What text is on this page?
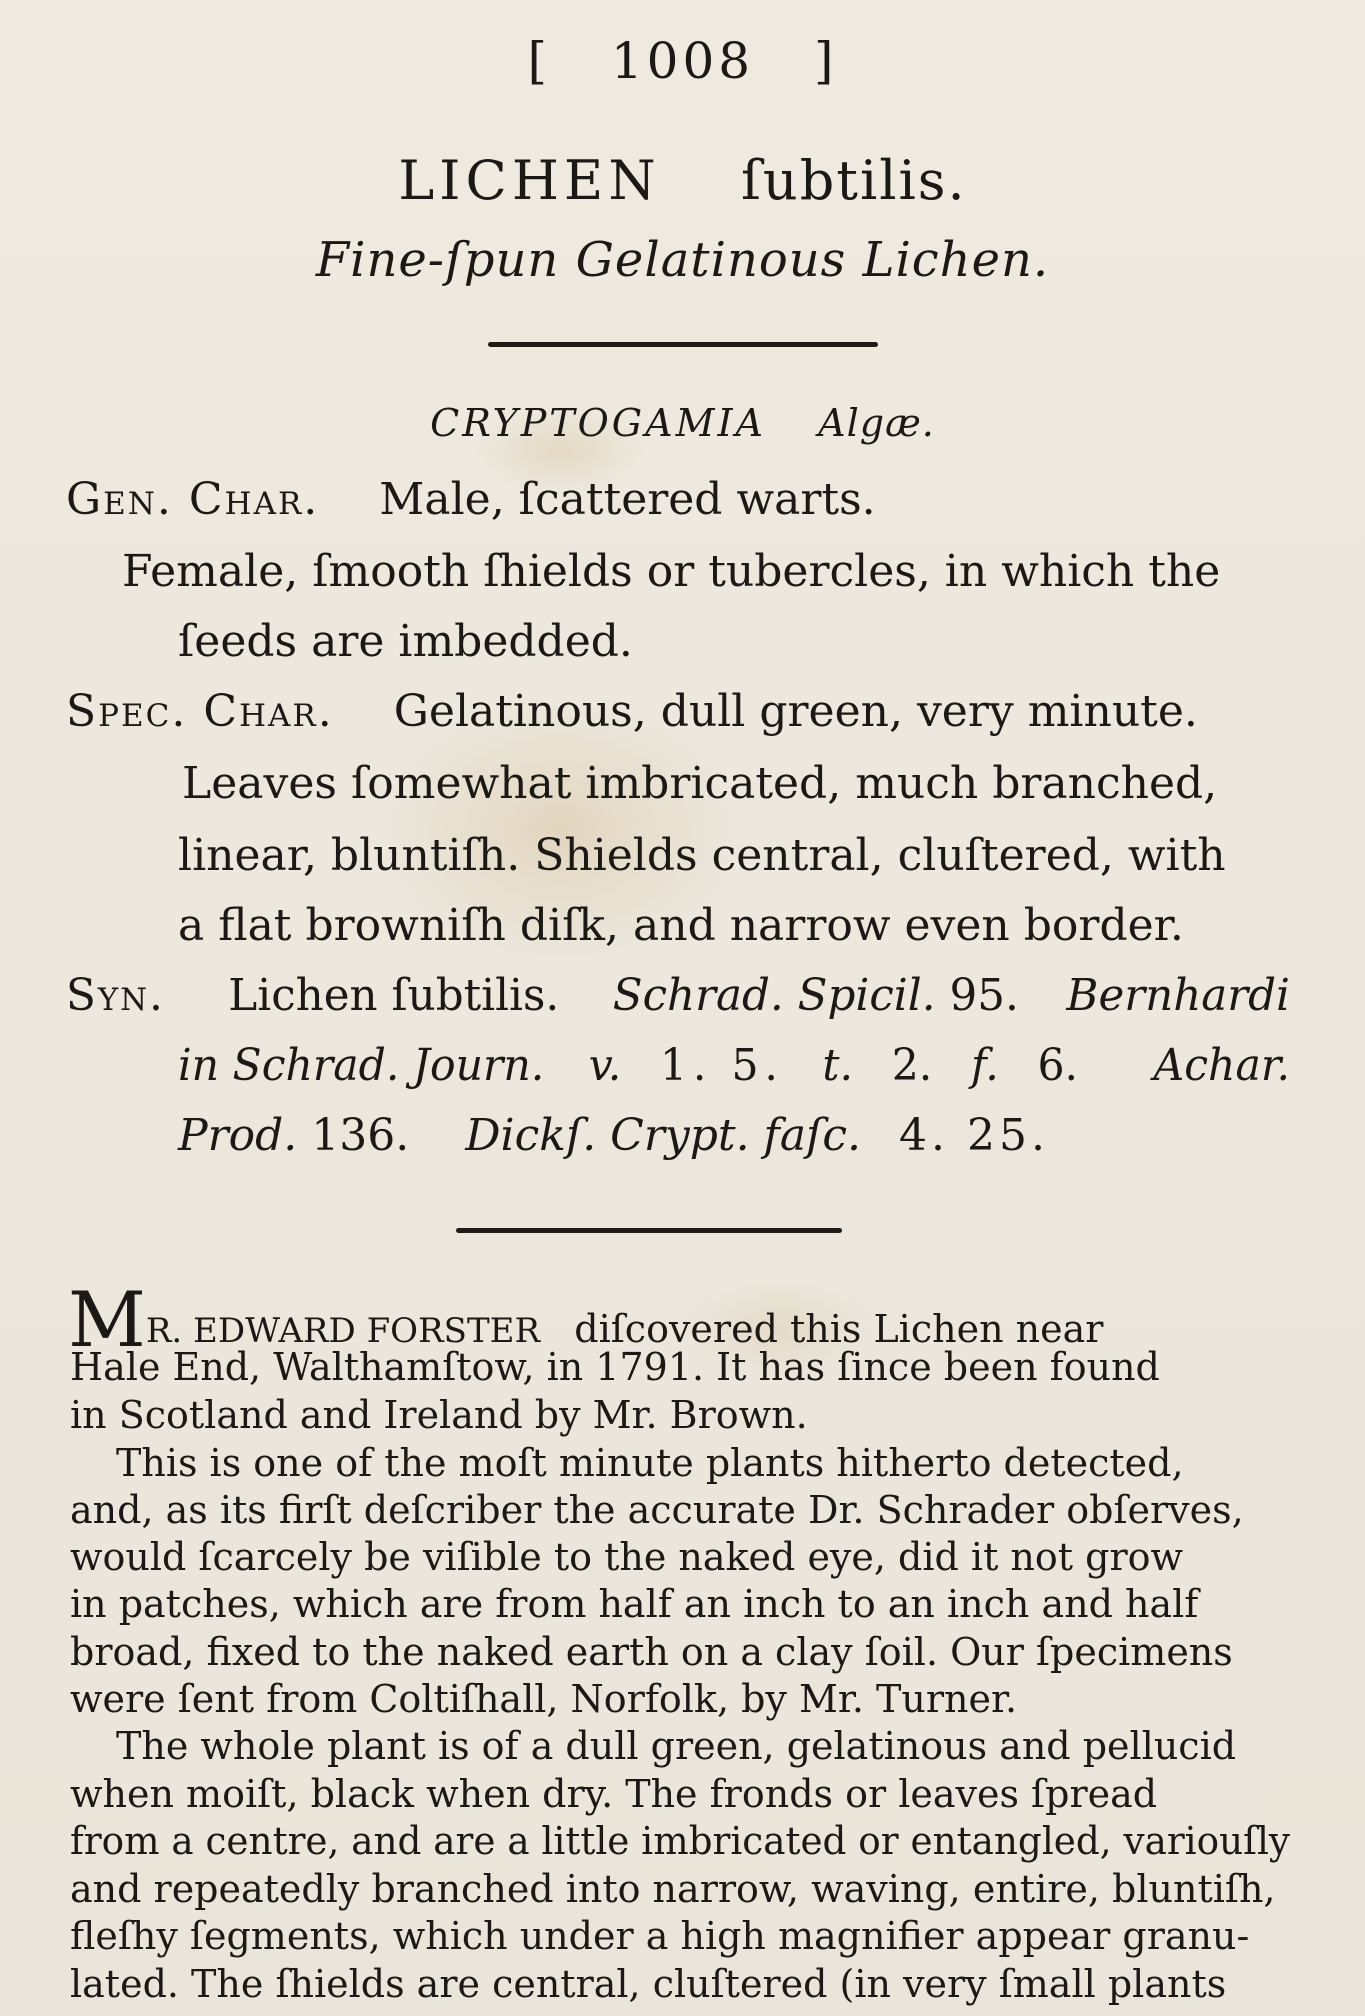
[ 1008 ]
LICHEN ſubtilis.
Fine-ſpun Gelatinous Lichen.
CRYPTOGAMIA Algæ.
Gen. Char. Male, ſcattered warts.
Female, ſmooth ſhields or tubercles, in which the
ſeeds are imbedded.
Spec. Char. Gelatinous, dull green, very minute.
Leaves ſomewhat imbricated, much branched,
linear, bluntiſh. Shields central, cluſtered, with
a flat browniſh diſk, and narrow even border.
Syn. Lichen ſubtilis. Schrad. Spicil. 95. Bernhardi
in Schrad. Journ. v. 1. 5. t. 2. f. 6. Achar.
Prod. 136. Dickſ. Crypt. faſc. 4. 25.
MR. EDWARD FORSTER diſcovered this Lichen near
Hale End, Walthamſtow, in 1791. It has ſince been found
in Scotland and Ireland by Mr. Brown.
This is one of the moſt minute plants hitherto detected,
and, as its firſt deſcriber the accurate Dr. Schrader obſerves,
would ſcarcely be viſible to the naked eye, did it not grow
in patches, which are from half an inch to an inch and half
broad, fixed to the naked earth on a clay ſoil. Our ſpecimens
were ſent from Coltiſhall, Norfolk, by Mr. Turner.
The whole plant is of a dull green, gelatinous and pellucid
when moiſt, black when dry. The fronds or leaves ſpread
from a centre, and are a little imbricated or entangled, variouſly
and repeatedly branched into narrow, waving, entire, bluntiſh,
fleſhy ſegments, which under a high magnifier appear granu-
lated. The ſhields are central, cluſtered (in very ſmall plants
